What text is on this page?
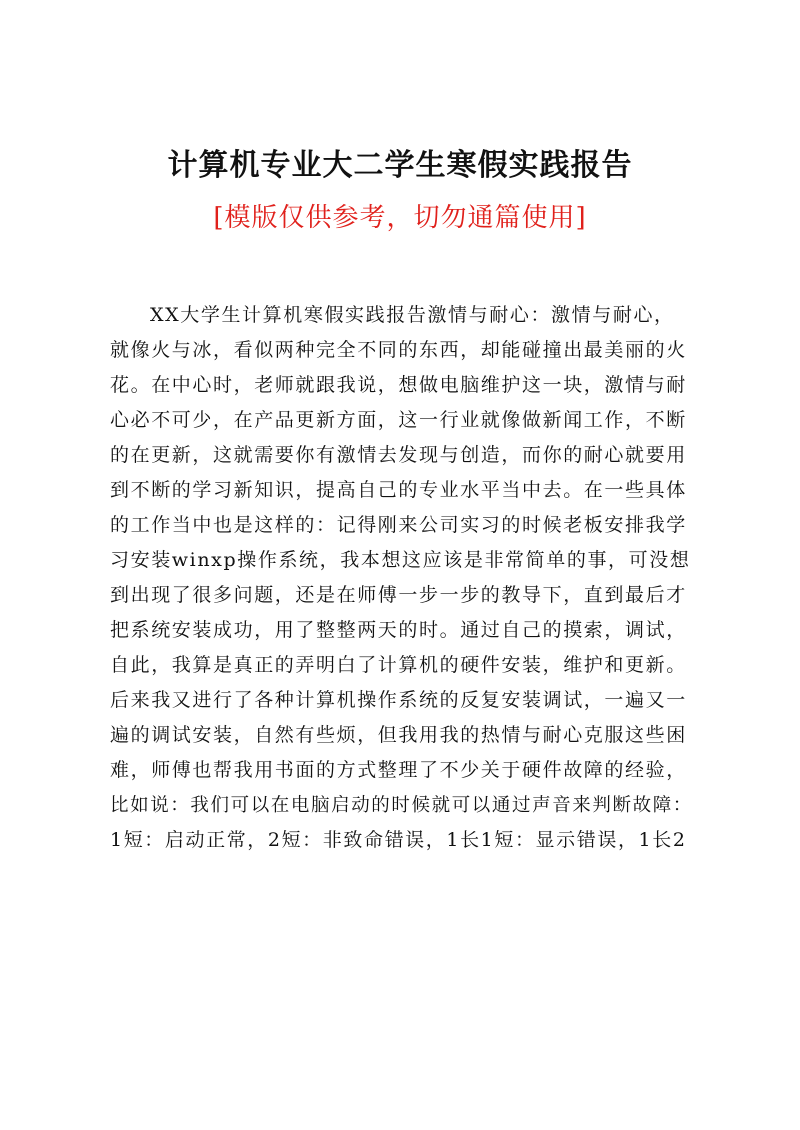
计算机专业大二学生寒假实践报告
[模版仅供参考，切勿通篇使用]
XX大学生计算机寒假实践报告激情与耐心：激情与耐心，
就像火与冰，看似两种完全不同的东西，却能碰撞出最美丽的火
花。在中心时，老师就跟我说，想做电脑维护这一块，激情与耐
心必不可少，在产品更新方面，这一行业就像做新闻工作，不断
的在更新，这就需要你有激情去发现与创造，而你的耐心就要用
到不断的学习新知识，提高自己的专业水平当中去。在一些具体
的工作当中也是这样的：记得刚来公司实习的时候老板安排我学
习安装winxp操作系统，我本想这应该是非常简单的事，可没想
到出现了很多问题，还是在师傅一步一步的教导下，直到最后才
把系统安装成功，用了整整两天的时。通过自己的摸索，调试，
自此，我算是真正的弄明白了计算机的硬件安装，维护和更新。
后来我又进行了各种计算机操作系统的反复安装调试，一遍又一
遍的调试安装，自然有些烦，但我用我的热情与耐心克服这些困
难，师傅也帮我用书面的方式整理了不少关于硬件故障的经验，
比如说：我们可以在电脑启动的时候就可以通过声音来判断故障：
1短：启动正常，2短：非致命错误，1长1短：显示错误，1长2
